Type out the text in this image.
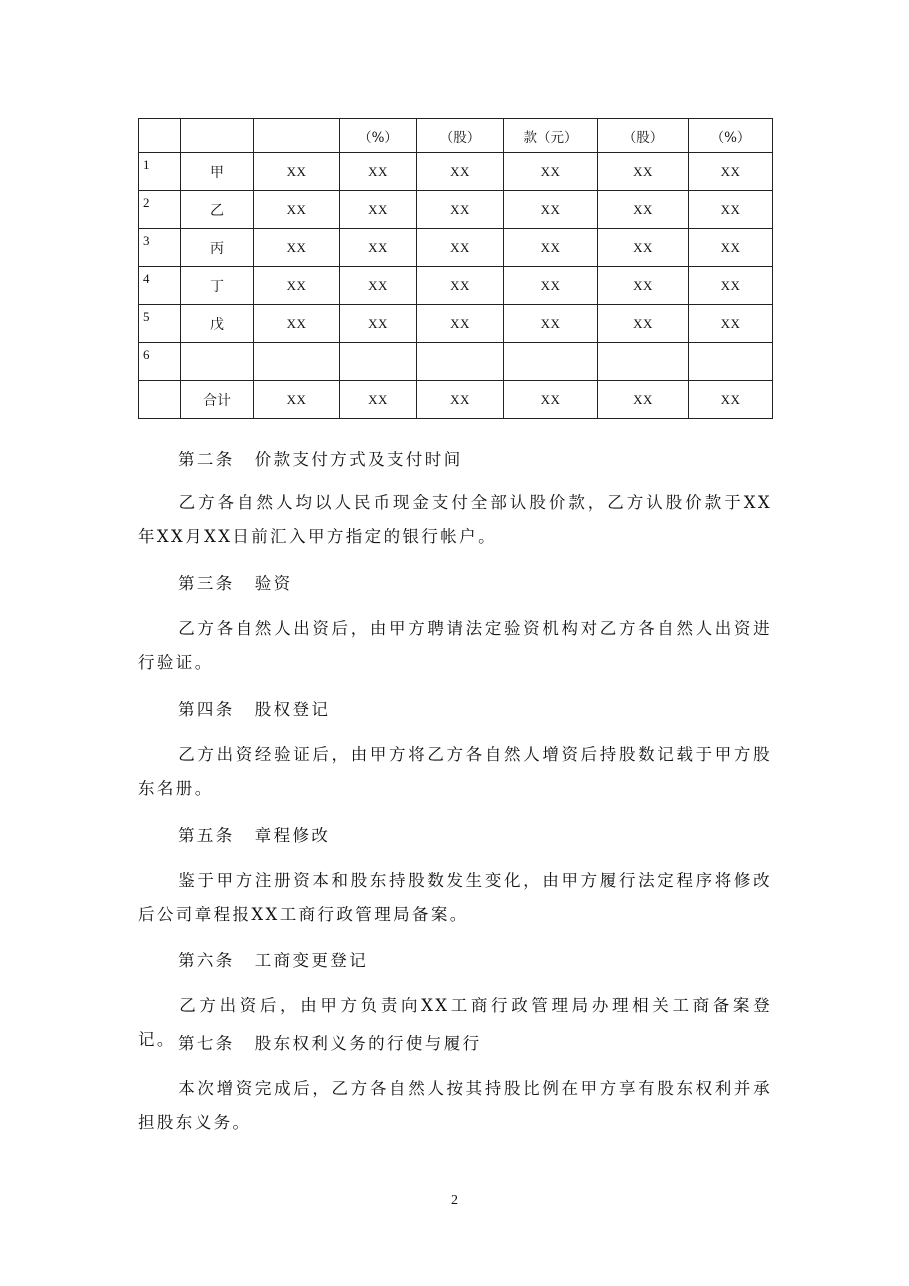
			（%）	（股）	款（元）	（股）	（%）
1	甲	XX	XX	XX	XX	XX	XX
2	乙	XX	XX	XX	XX	XX	XX
3	丙	XX	XX	XX	XX	XX	XX
4	丁	XX	XX	XX	XX	XX	XX
5	戊	XX	XX	XX	XX	XX	XX
6							
	合计	XX	XX	XX	XX	XX	XX

第二条 价款支付方式及支付时间

乙方各自然人均以人民币现金支付全部认股价款，乙方认股价款于XX年XX月XX日前汇入甲方指定的银行帐户。

第三条 验资

乙方各自然人出资后，由甲方聘请法定验资机构对乙方各自然人出资进行验证。

第四条 股权登记

乙方出资经验证后，由甲方将乙方各自然人增资后持股数记载于甲方股东名册。

第五条 章程修改

鉴于甲方注册资本和股东持股数发生变化，由甲方履行法定程序将修改后公司章程报XX工商行政管理局备案。

第六条 工商变更登记

乙方出资后，由甲方负责向XX工商行政管理局办理相关工商备案登记。 第七条 股东权利义务的行使与履行

本次增资完成后，乙方各自然人按其持股比例在甲方享有股东权利并承担股东义务。

2
